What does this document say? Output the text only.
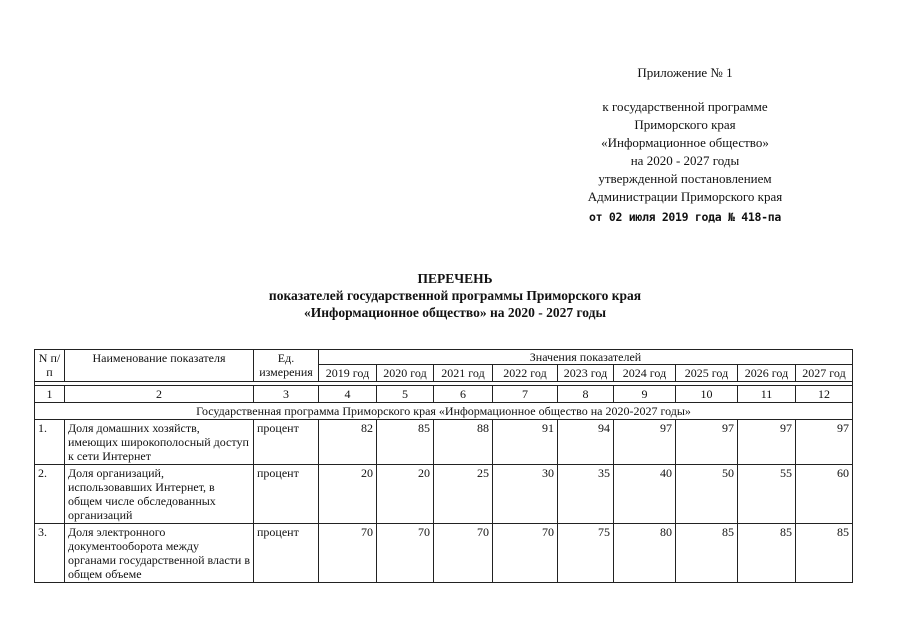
Приложение № 1
к государственной программе
Приморского края
«Информационное общество»
на 2020 - 2027 годы
утвержденной постановлением
Администрации Приморского края
от 02 июля 2019 года № 418-па
ПЕРЕЧЕНЬ
показателей государственной программы Приморского края
«Информационное общество» на 2020 - 2027 годы
N п/п	Наименование показателя	Ед. измерения	Значения показателей								
			2019 год	2020 год	2021 год	2022 год	2023 год	2024 год	2025 год	2026 год	2027 год

1	2	3	4	5	6	7	8	9	10	11	12
Государственная программа Приморского края «Информационное общество на 2020-2027 годы»											
1.	Доля домашних хозяйств, имеющих широкополосный доступ к сети Интернет	процент	82	85	88	91	94	97	97	97	97
2.	Доля организаций, использовавших Интернет, в общем числе обследованных организаций	процент	20	20	25	30	35	40	50	55	60
3.	Доля электронного документооборота между органами государственной власти в общем объеме	процент	70	70	70	70	75	80	85	85	85
